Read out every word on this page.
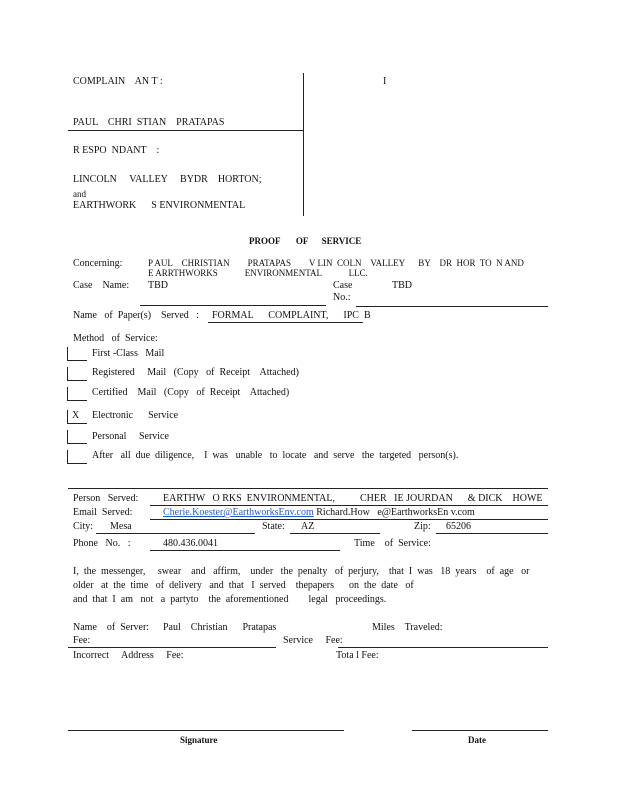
COMPLAIN    AN T :	I
PAUL    CHRI  STIAN    PRATAPAS
R ESPO  NDANT    :
LINCOLN     VALLEY     BYDR    HORTON;
and
EARTHWORK      S ENVIRONMENTAL
PROOF       OF      SERVICE
Concerning:	P AUL    CHRISTIAN        PRATAPAS        V LIN  COLN    VALLEY      BY    DR  HOR  TO  N AND
E ARRTHWORKS            ENVIRONMENTAL            LLC.
Case    Name: TBD	Case
No.:
TBD
Name   of  Paper(s)    Served   : FORMAL      COMPLAINT,      IPC  B
Method   of  Service:
First -Class   Mail
Registered     Mail   (Copy   of  Receipt    Attached)
Certified    Mail   (Copy   of  Receipt    Attached)
X Electronic      Service
Personal     Service
After   all  due  diligence,    I  was   unable   to  locate   and  serve   the  targeted   person(s).
Person   Served: EARTHW   O RKS  ENVIRONMENTAL,          CHER   IE JOURDAN      & DICK    HOWE
Email  Served:	Cherie.Koester@EarthworksEnv.com Richard.How   e@EarthworksEn v.com
City: Mesa	State: AZ	Zip: 65206
Phone   No.   :	480.436.0041	Time    of  Service:
I,  the  messenger,     swear    and   affirm,    under   the  penalty   of  perjury,    that  I  was   18  years    of  age   or
older   at  the  time   of  delivery   and  that   I  served    thepapers      on  the  date   of
and  that  I  am   not   a  partyto    the  aforementioned        legal   proceedings.
Name    of  Server: Paul    Christian      Pratapas	Miles    Traveled:
Fee:	Service     Fee:
Incorrect     Address     Fee:	Tota l Fee:
Signature	Date
